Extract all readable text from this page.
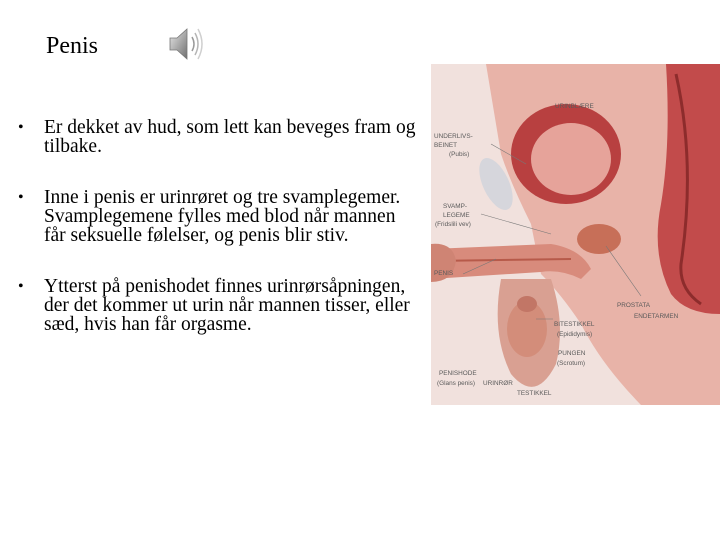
Penis
• Er dekket av hud, som lett kan beveges fram og tilbake.
• Inne i penis er urinrøret og tre svamplegemer. Svamplegemene fylles med blod når mannen får seksuelle følelser, og penis blir stiv.
• Ytterst på penishodet finnes urinrørsåpningen, der det kommer ut urin når mannen tisser, eller sæd, hvis han får orgasme.
URINBLÆRE
UNDERLIVS-
BEINET
(Pubis)
SVAMP-
LEGEME
(Fridslili vev)
PENIS
PROSTATA
ENDETARMEN
BITESTIKKEL
(Epididymis)
PUNGEN
(Scrotum)
PENISHODE
(Glans penis) URINRØR
TESTIKKEL
